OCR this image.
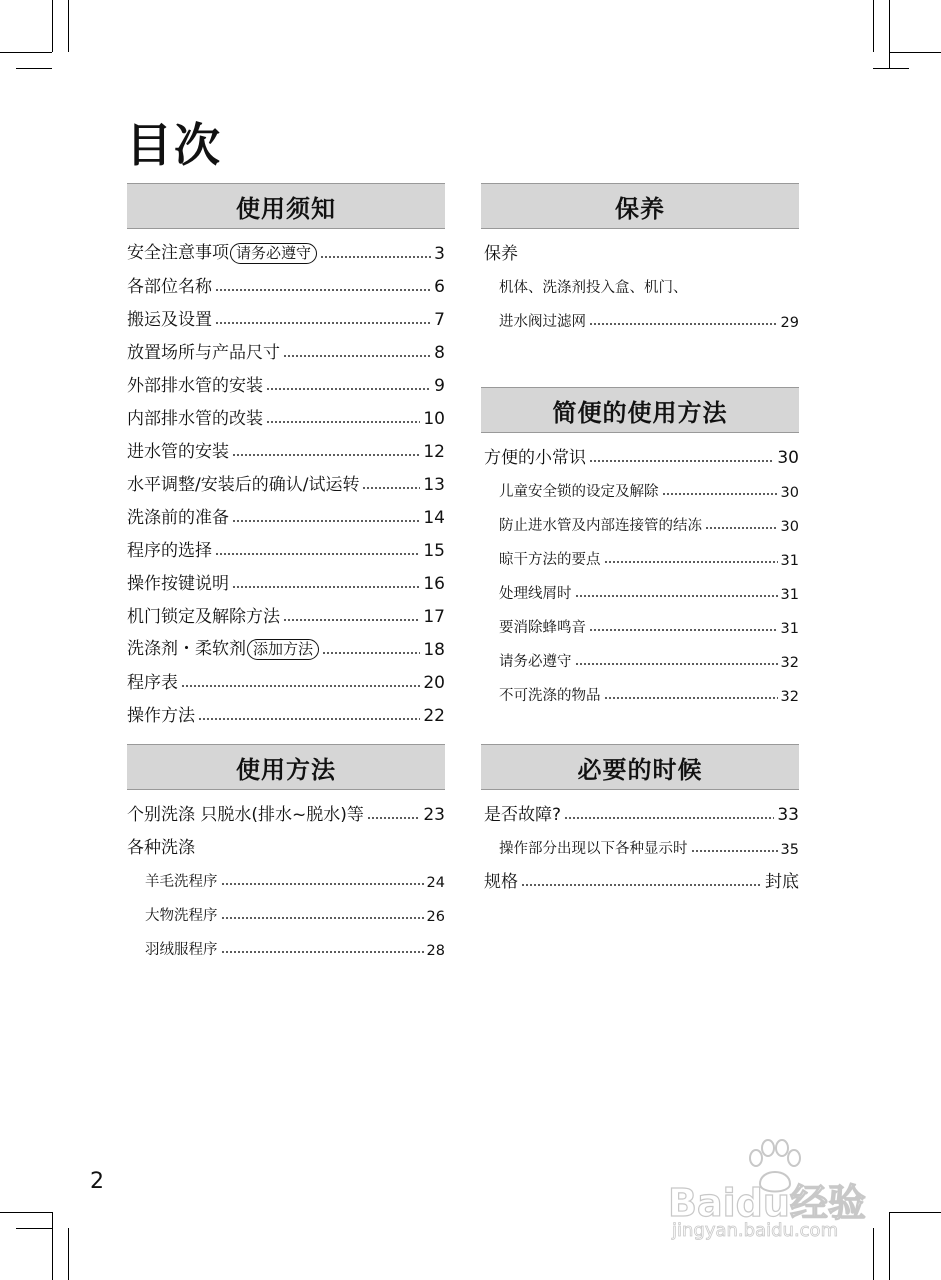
目次
使用须知
安全注意事项 请务必遵守	3
各部位名称	6
搬运及设置	7
放置场所与产品尺寸	8
外部排水管的安装	9
内部排水管的改装	10
进水管的安装	12
水平调整/安装后的确认/试运转	13
洗涤前的准备	14
程序的选择	15
操作按键说明	16
机门锁定及解除方法	17
洗涤剂・柔软剂 添加方法	18
程序表	20
操作方法	22
保养
保养
机体、洗涤剂投入盒、机门、
进水阀过滤网	29
简便的使用方法
方便的小常识	30
儿童安全锁的设定及解除	30
防止进水管及内部连接管的结冻	30
晾干方法的要点	31
处理线屑时	31
要消除蜂鸣音	31
请务必遵守	32
不可洗涤的物品	32
使用方法
个别洗涤 只脱水(排水~脱水)等	23
各种洗涤
羊毛洗程序	24
大物洗程序	26
羽绒服程序	28
必要的时候
是否故障?	33
操作部分出现以下各种显示时	35
规格	封底
2	Baidu经验
jingyan.baidu.com
